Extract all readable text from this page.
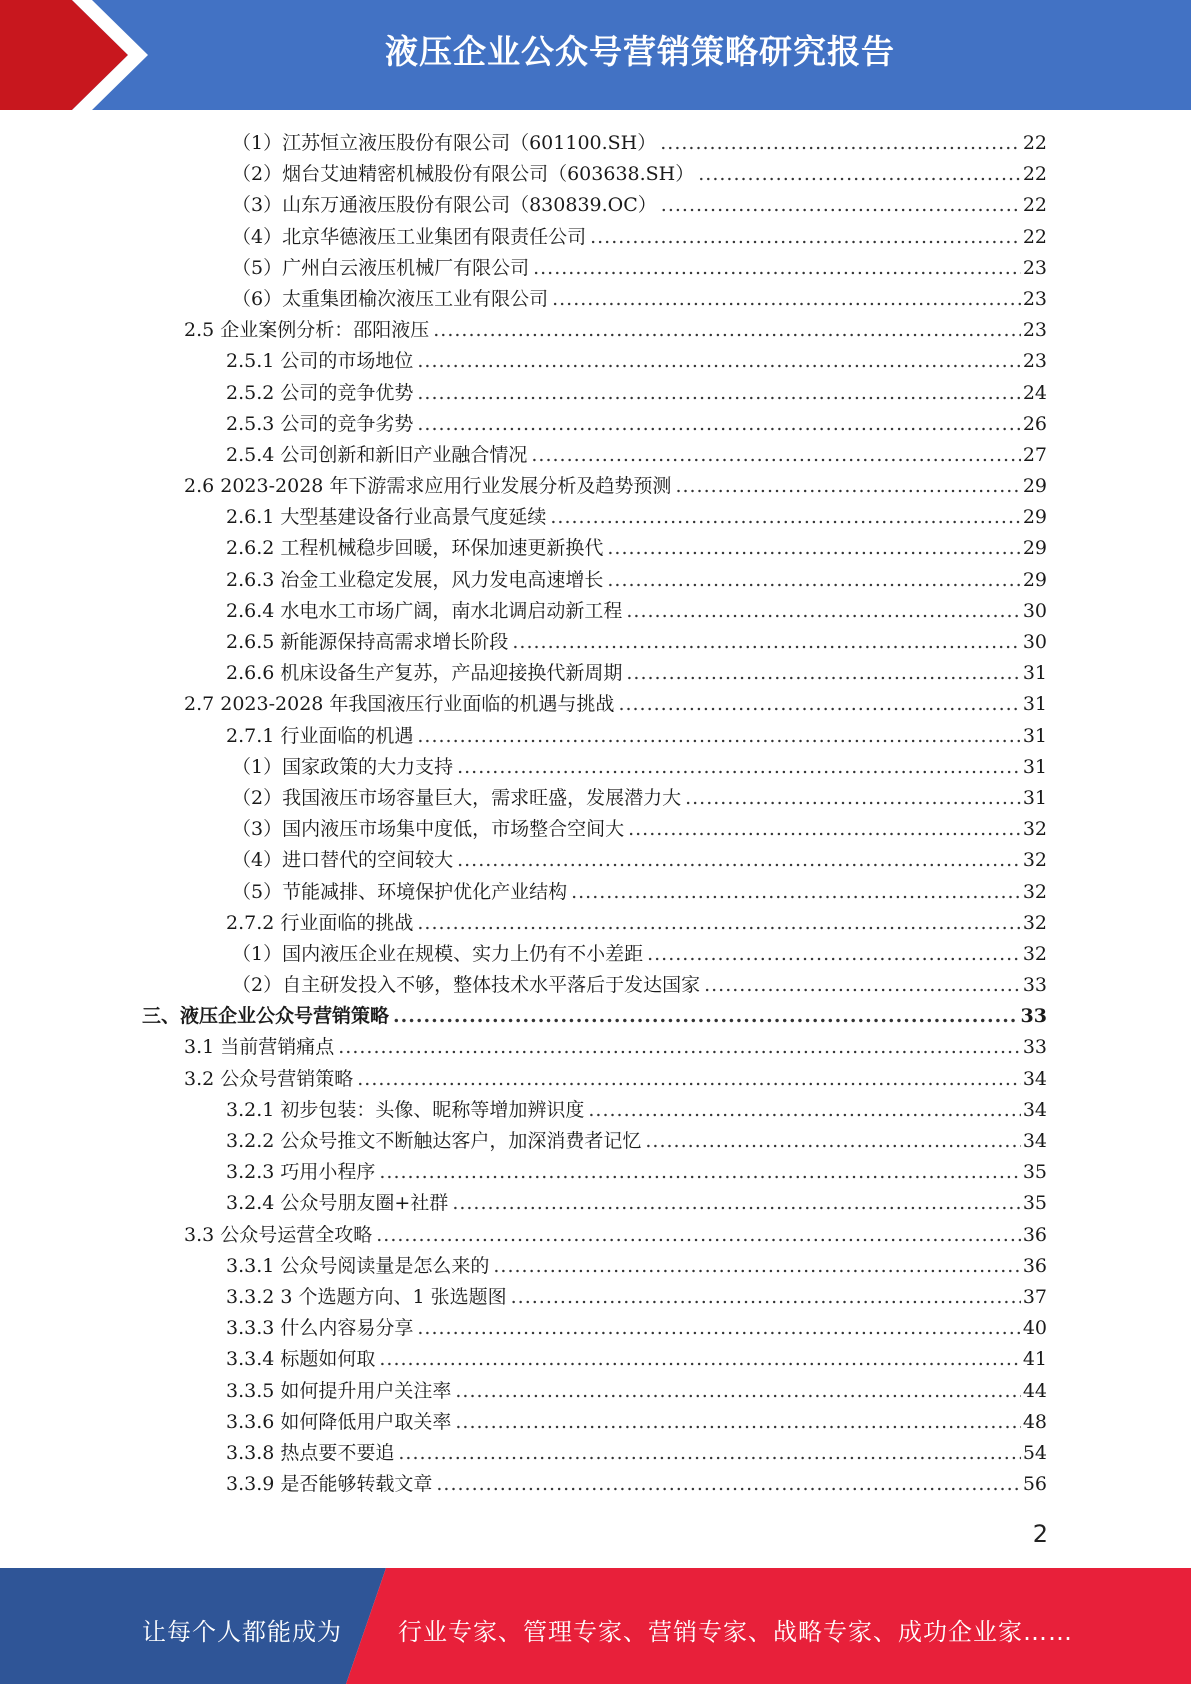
液压企业公众号营销策略研究报告
（1）江苏恒立液压股份有限公司（601100.SH） .....	22
（2）烟台艾迪精密机械股份有限公司（603638.SH） .....	22
（3）山东万通液压股份有限公司（830839.OC） .....	22
（4）北京华德液压工业集团有限责任公司 .....	22
（5）广州白云液压机械厂有限公司 .....	23
（6）太重集团榆次液压工业有限公司 .....	23
2.5 企业案例分析：邵阳液压 .....	23
2.5.1 公司的市场地位 .....	23
2.5.2 公司的竞争优势 .....	24
2.5.3 公司的竞争劣势 .....	26
2.5.4 公司创新和新旧产业融合情况 .....	27
2.6 2023-2028 年下游需求应用行业发展分析及趋势预测 .....	29
2.6.1 大型基建设备行业高景气度延续 .....	29
2.6.2 工程机械稳步回暖，环保加速更新换代 .....	29
2.6.3 冶金工业稳定发展，风力发电高速增长 .....	29
2.6.4 水电水工市场广阔，南水北调启动新工程 .....	30
2.6.5 新能源保持高需求增长阶段 .....	30
2.6.6 机床设备生产复苏，产品迎接换代新周期 .....	31
2.7 2023-2028 年我国液压行业面临的机遇与挑战 .....	31
2.7.1 行业面临的机遇 .....	31
（1）国家政策的大力支持 .....	31
（2）我国液压市场容量巨大，需求旺盛，发展潜力大 .....	31
（3）国内液压市场集中度低，市场整合空间大 .....	32
（4）进口替代的空间较大 .....	32
（5）节能减排、环境保护优化产业结构 .....	32
2.7.2 行业面临的挑战 .....	32
（1）国内液压企业在规模、实力上仍有不小差距 .....	32
（2）自主研发投入不够，整体技术水平落后于发达国家 .....	33
三、液压企业公众号营销策略 .....	33
3.1 当前营销痛点 .....	33
3.2 公众号营销策略 .....	34
3.2.1 初步包装：头像、昵称等增加辨识度 .....	34
3.2.2 公众号推文不断触达客户，加深消费者记忆 .....	34
3.2.3 巧用小程序 .....	35
3.2.4 公众号朋友圈+社群 .....	35
3.3 公众号运营全攻略 .....	36
3.3.1 公众号阅读量是怎么来的 .....	36
3.3.2 3 个选题方向、1 张选题图 .....	37
3.3.3 什么内容易分享 .....	40
3.3.4 标题如何取 .....	41
3.3.5 如何提升用户关注率 .....	44
3.3.6 如何降低用户取关率 .....	48
3.3.8 热点要不要追 .....	54
3.3.9 是否能够转载文章 .....	56
2
让每个人都能成为 行业专家、管理专家、营销专家、战略专家、成功企业家……
